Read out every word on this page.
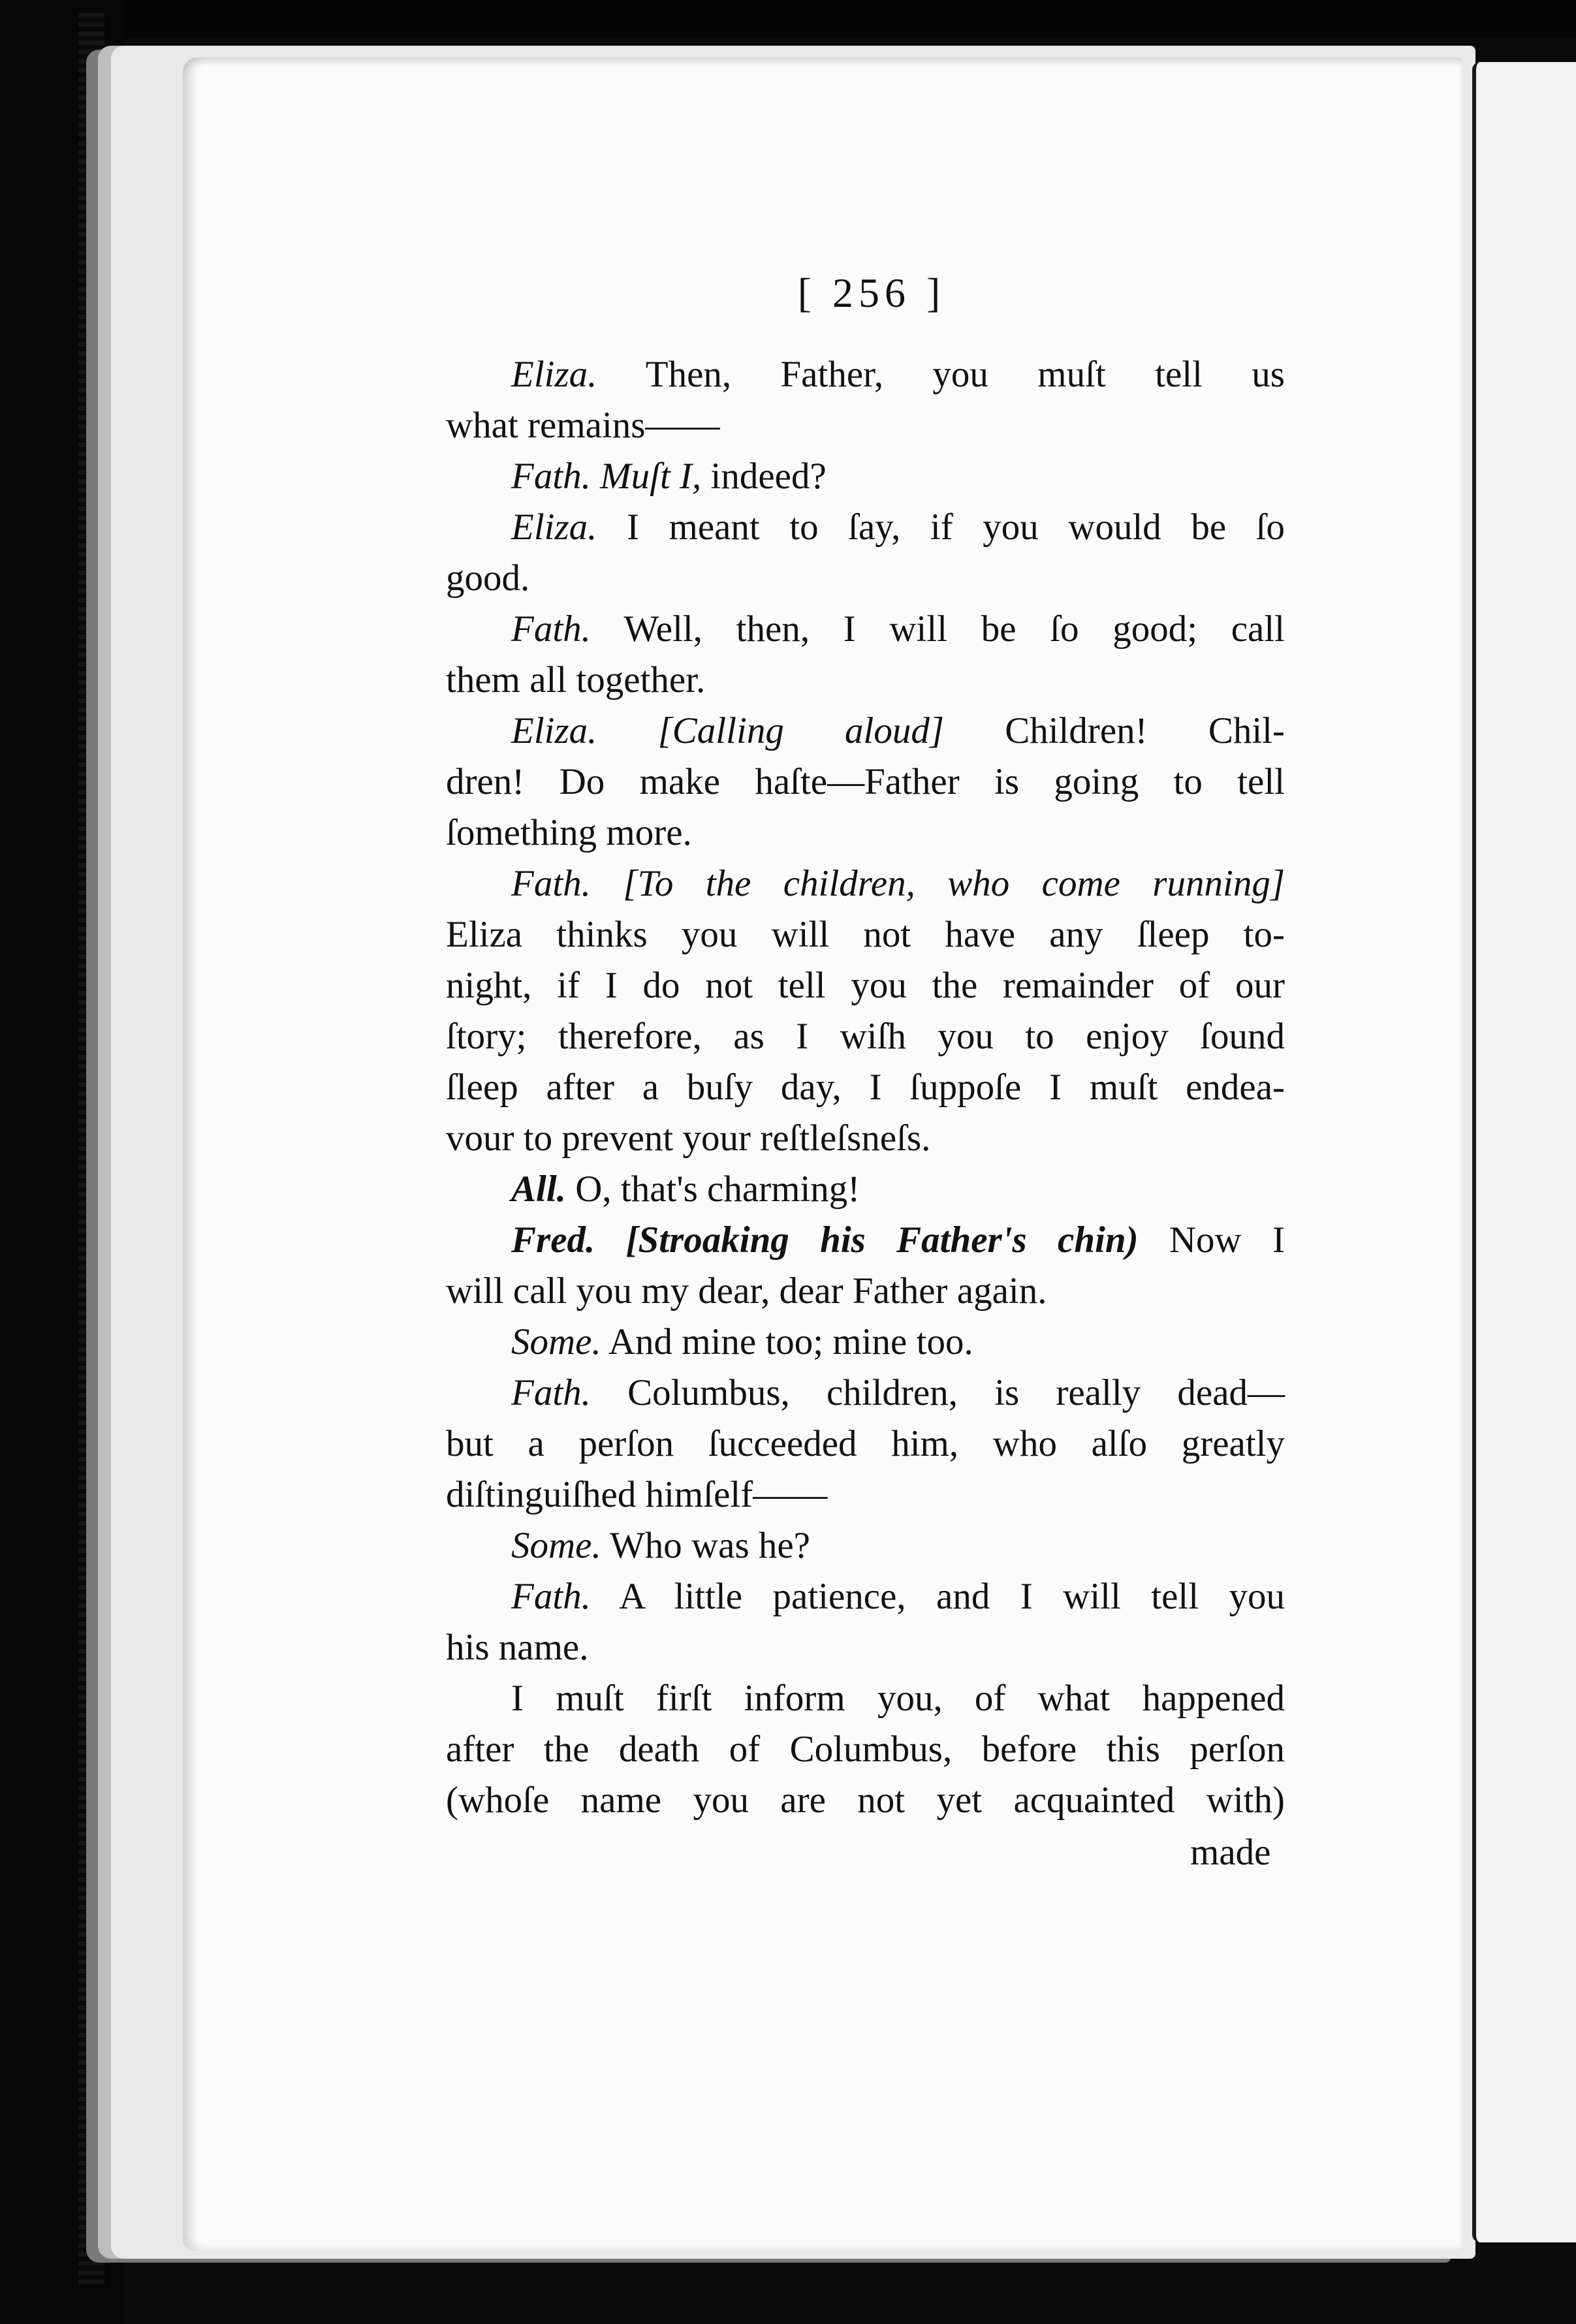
[ 256 ]

Eliza. Then, Father, you muſt tell us

what remains——

Fath. Muſt I, indeed?

Eliza. I meant to ſay, if you would be ſo

good.

Fath. Well, then, I will be ſo good; call

them all together.

Eliza. [Calling aloud] Children! Chil-

dren! Do make haſte—Father is going to tell

ſomething more.

Fath. [To the children, who come running]

Eliza thinks you will not have any ſleep to-

night, if I do not tell you the remainder of our

ſtory; therefore, as I wiſh you to enjoy ſound

ſleep after a buſy day, I ſuppoſe I muſt endea-

vour to prevent your reſtleſsneſs.

All. O, that's charming!

Fred. [Stroaking his Father's chin) Now I

will call you my dear, dear Father again.

Some. And mine too; mine too.

Fath. Columbus, children, is really dead—

but a perſon ſucceeded him, who alſo greatly

diſtinguiſhed himſelf——

Some. Who was he?

Fath. A little patience, and I will tell you

his name.

I muſt firſt inform you, of what happened

after the death of Columbus, before this perſon

(whoſe name you are not yet acquainted with)

made
